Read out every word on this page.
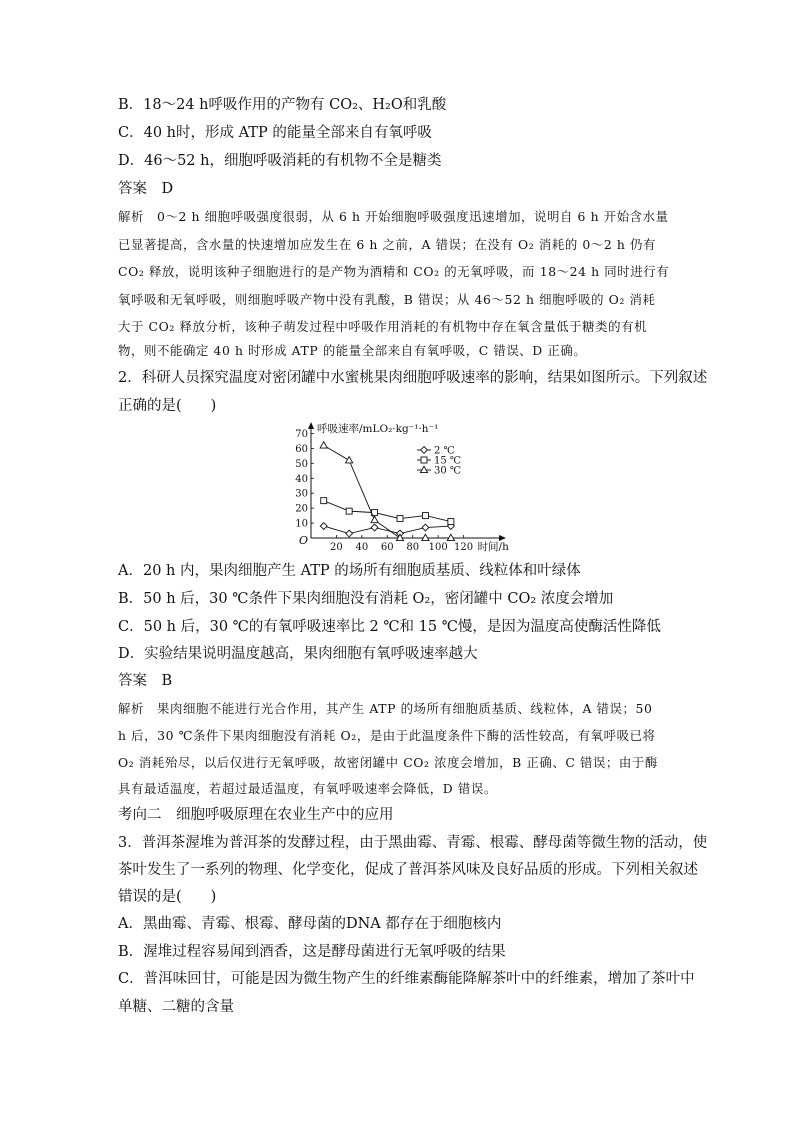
B．18～24 h呼吸作用的产物有 CO₂、H₂O和乳酸
C．40 h时，形成 ATP 的能量全部来自有氧呼吸
D．46～52 h，细胞呼吸消耗的有机物不全是糖类
答案　D
解析　0～2 h 细胞呼吸强度很弱，从 6 h 开始细胞呼吸强度迅速增加，说明自 6 h 开始含水量
已显著提高，含水量的快速增加应发生在 6 h 之前，A 错误；在没有 O₂ 消耗的 0～2 h 仍有
CO₂ 释放，说明该种子细胞进行的是产物为酒精和 CO₂ 的无氧呼吸，而 18～24 h 同时进行有
氧呼吸和无氧呼吸，则细胞呼吸产物中没有乳酸，B 错误；从 46～52 h 细胞呼吸的 O₂ 消耗
大于 CO₂ 释放分析，该种子萌发过程中呼吸作用消耗的有机物中存在氧含量低于糖类的有机
物，则不能确定 40 h 时形成 ATP 的能量全部来自有氧呼吸，C 错误、D 正确。
2．科研人员探究温度对密闭罐中水蜜桃果肉细胞呼吸速率的影响，结果如图所示。下列叙述
正确的是(　　)
呼吸速率/mLO₂·kg⁻¹·h⁻¹
O
10
20
30
40
50
60
70
20 40 60 80 100 120 时间/h
2 ℃
15 ℃
30 ℃
A．20 h 内，果肉细胞产生 ATP 的场所有细胞质基质、线粒体和叶绿体
B．50 h 后，30 ℃条件下果肉细胞没有消耗 O₂，密闭罐中 CO₂ 浓度会增加
C．50 h 后，30 ℃的有氧呼吸速率比 2 ℃和 15 ℃慢，是因为温度高使酶活性降低
D．实验结果说明温度越高，果肉细胞有氧呼吸速率越大
答案　B
解析　果肉细胞不能进行光合作用，其产生 ATP 的场所有细胞质基质、线粒体，A 错误；50
h 后，30 ℃条件下果肉细胞没有消耗 O₂，是由于此温度条件下酶的活性较高，有氧呼吸已将
O₂ 消耗殆尽，以后仅进行无氧呼吸，故密闭罐中 CO₂ 浓度会增加，B 正确、C 错误；由于酶
具有最适温度，若超过最适温度，有氧呼吸速率会降低，D 错误。
考向二　细胞呼吸原理在农业生产中的应用
3．普洱茶渥堆为普洱茶的发酵过程，由于黑曲霉、青霉、根霉、酵母菌等微生物的活动，使
茶叶发生了一系列的物理、化学变化，促成了普洱茶风味及良好品质的形成。下列相关叙述
错误的是(　　)
A．黑曲霉、青霉、根霉、酵母菌的DNA 都存在于细胞核内
B．渥堆过程容易闻到酒香，这是酵母菌进行无氧呼吸的结果
C．普洱味回甘，可能是因为微生物产生的纤维素酶能降解茶叶中的纤维素，增加了茶叶中
单糖、二糖的含量
